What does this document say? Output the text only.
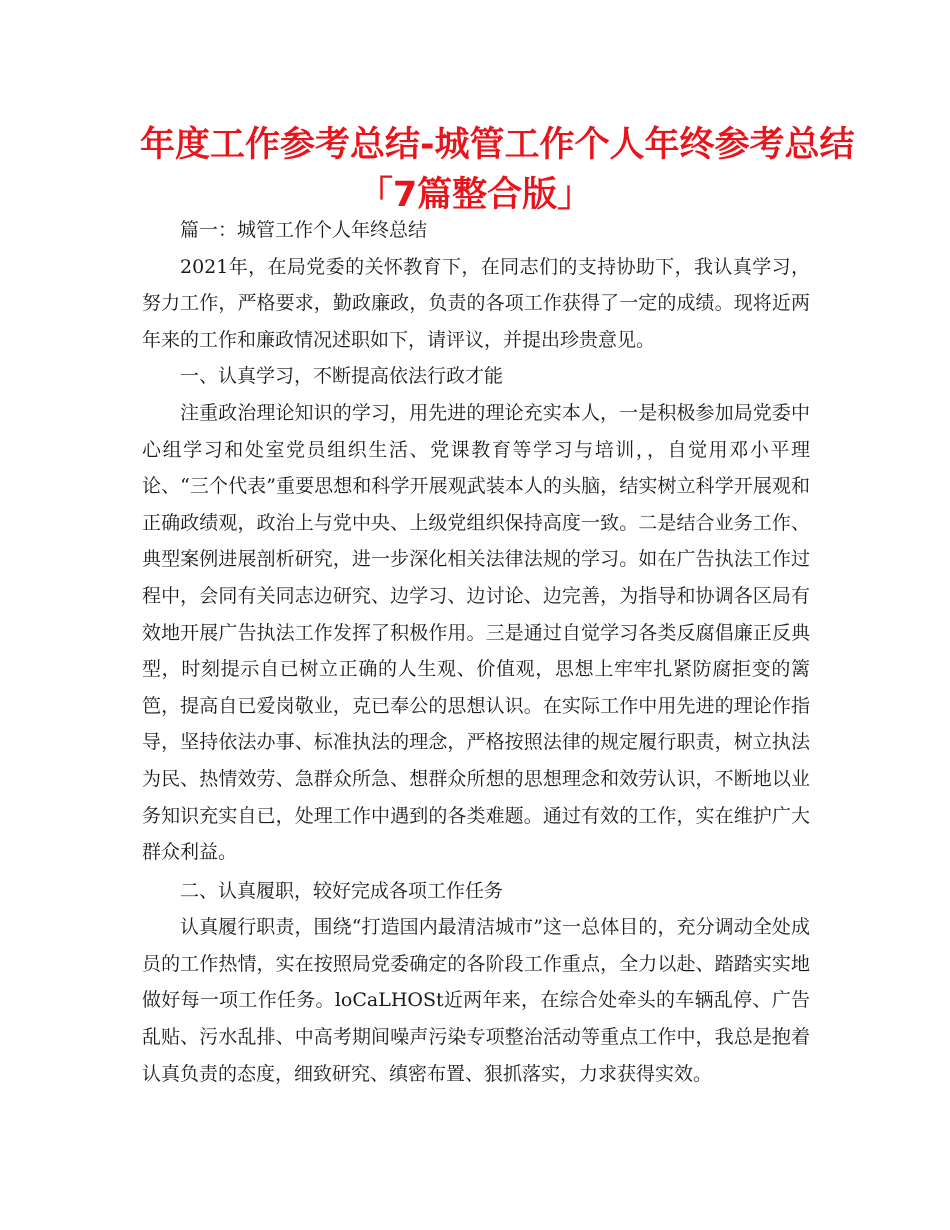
年度工作参考总结-城管工作个人年终参考总结
「7篇整合版」

篇一：城管工作个人年终总结

2021年，在局党委的关怀教育下，在同志们的支持协助下，我认真学习，努力工作，严格要求，勤政廉政，负责的各项工作获得了一定的成绩。现将近两年来的工作和廉政情况述职如下，请评议，并提出珍贵意见。

一、认真学习，不断提高依法行政才能

注重政治理论知识的学习，用先进的理论充实本人，一是积极参加局党委中心组学习和处室党员组织生活、党课教育等学习与培训，，自觉用邓小平理论、“三个代表”重要思想和科学开展观武装本人的头脑，结实树立科学开展观和正确政绩观，政治上与党中央、上级党组织保持高度一致。二是结合业务工作、典型案例进展剖析研究，进一步深化相关法律法规的学习。如在广告执法工作过程中，会同有关同志边研究、边学习、边讨论、边完善，为指导和协调各区局有效地开展广告执法工作发挥了积极作用。三是通过自觉学习各类反腐倡廉正反典型，时刻提示自已树立正确的人生观、价值观，思想上牢牢扎紧防腐拒变的篱笆，提高自已爱岗敬业，克已奉公的思想认识。在实际工作中用先进的理论作指导，坚持依法办事、标准执法的理念，严格按照法律的规定履行职责，树立执法为民、热情效劳、急群众所急、想群众所想的思想理念和效劳认识，不断地以业务知识充实自已，处理工作中遇到的各类难题。通过有效的工作，实在维护广大群众利益。

二、认真履职，较好完成各项工作任务

认真履行职责，围绕“打造国内最清洁城市”这一总体目的，充分调动全处成员的工作热情，实在按照局党委确定的各阶段工作重点，全力以赴、踏踏实实地做好每一项工作任务。loCaLHOSt近两年来，在综合处牵头的车辆乱停、广告乱贴、污水乱排、中高考期间噪声污染专项整治活动等重点工作中，我总是抱着认真负责的态度，细致研究、缜密布置、狠抓落实，力求获得实效。
